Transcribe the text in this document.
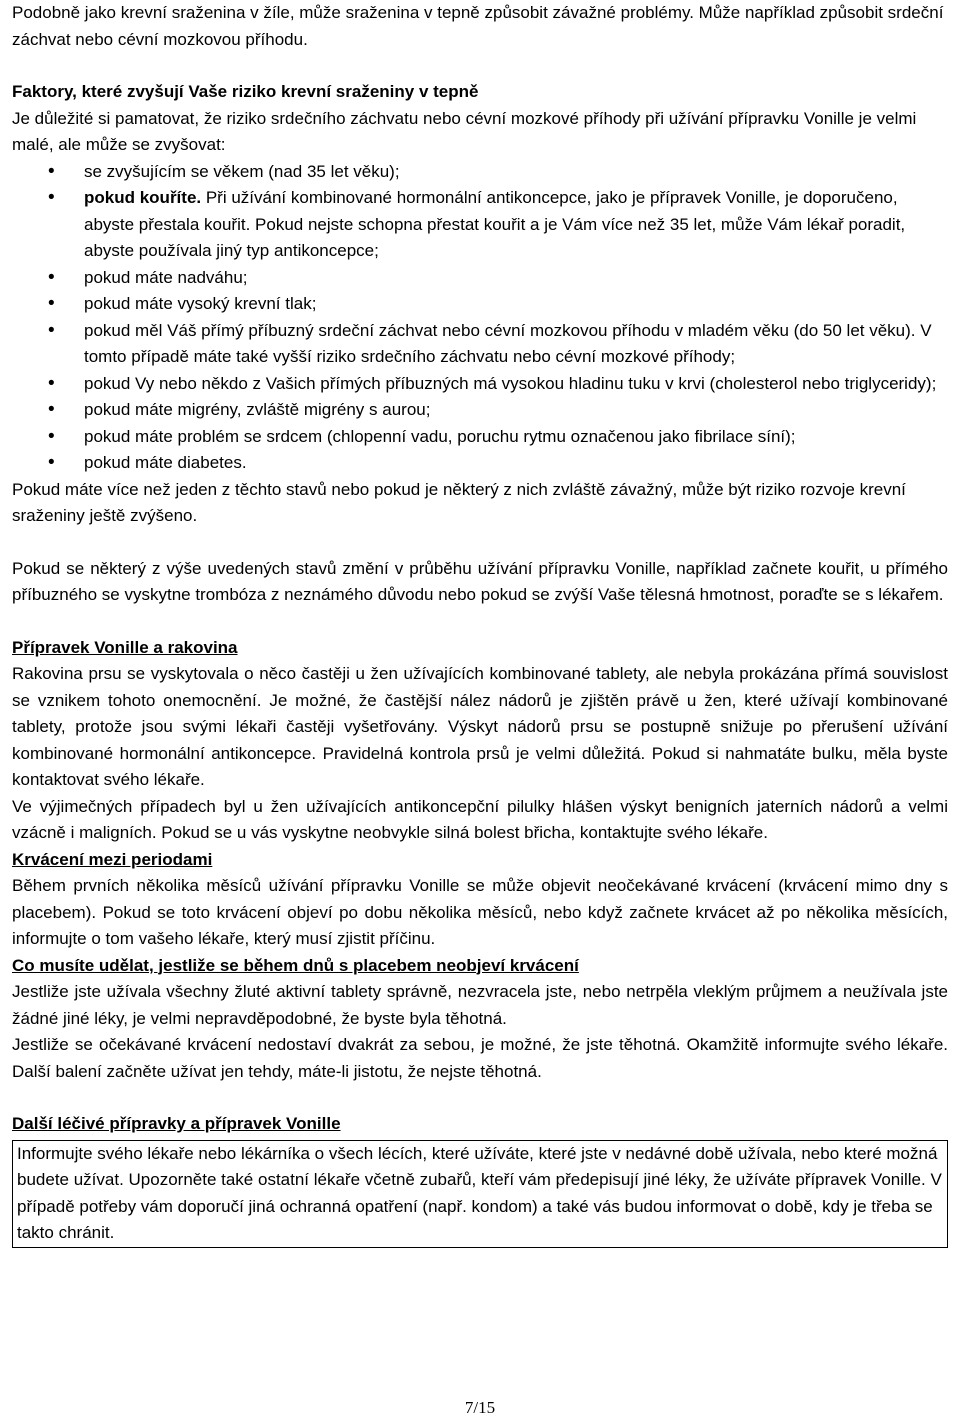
Podobně jako krevní sraženina v žíle, může sraženina v tepně způsobit závažné problémy. Může například způsobit srdeční záchvat nebo cévní mozkovou příhodu.

Faktory, které zvyšují Vaše riziko krevní sraženiny v tepně

Je důležité si pamatovat, že riziko srdečního záchvatu nebo cévní mozkové příhody při užívání přípravku Vonille je velmi malé, ale může se zvyšovat:

• se zvyšujícím se věkem (nad 35 let věku);
• pokud kouříte. Při užívání kombinované hormonální antikoncepce, jako je přípravek Vonille, je doporučeno, abyste přestala kouřit. Pokud nejste schopna přestat kouřit a je Vám více než 35 let, může Vám lékař poradit, abyste používala jiný typ antikoncepce;
• pokud máte nadváhu;
• pokud máte vysoký krevní tlak;
• pokud měl Váš přímý příbuzný srdeční záchvat nebo cévní mozkovou příhodu v mladém věku (do 50 let věku). V tomto případě máte také vyšší riziko srdečního záchvatu nebo cévní mozkové příhody;
• pokud Vy nebo někdo z Vašich přímých příbuzných má vysokou hladinu tuku v krvi (cholesterol nebo triglyceridy);
• pokud máte migrény, zvláště migrény s aurou;
• pokud máte problém se srdcem (chlopenní vadu, poruchu rytmu označenou jako fibrilace síní);
• pokud máte diabetes.

Pokud máte více než jeden z těchto stavů nebo pokud je některý z nich zvláště závažný, může být riziko rozvoje krevní sraženiny ještě zvýšeno.

Pokud se některý z výše uvedených stavů změní v průběhu užívání přípravku Vonille, například začnete kouřit, u přímého příbuzného se vyskytne trombóza z neznámého důvodu nebo pokud se zvýší Vaše tělesná hmotnost, poraďte se s lékařem.

Přípravek Vonille a rakovina

Rakovina prsu se vyskytovala o něco častěji u žen užívajících kombinované tablety, ale nebyla prokázána přímá souvislost se vznikem tohoto onemocnění. Je možné, že častější nález nádorů je zjištěn právě u žen, které užívají kombinované tablety, protože jsou svými lékaři častěji vyšetřovány. Výskyt nádorů prsu se postupně snižuje po přerušení užívání kombinované hormonální antikoncepce. Pravidelná kontrola prsů je velmi důležitá. Pokud si nahmatáte bulku, měla byste kontaktovat svého lékaře.

Ve výjimečných případech byl u žen užívajících antikoncepční pilulky hlášen výskyt benigních jaterních nádorů a velmi vzácně i maligních. Pokud se u vás vyskytne neobvykle silná bolest břicha, kontaktujte svého lékaře.

Krvácení mezi periodami

Během prvních několika měsíců užívání přípravku Vonille se může objevit neočekávané krvácení (krvácení mimo dny s placebem). Pokud se toto krvácení objeví po dobu několika měsíců, nebo když začnete krvácet až po několika měsících, informujte o tom vašeho lékaře, který musí zjistit příčinu.

Co musíte udělat, jestliže se během dnů s placebem neobjeví krvácení

Jestliže jste užívala všechny žluté aktivní tablety správně, nezvracela jste, nebo netrpěla vleklým průjmem a neužívala jste žádné jiné léky, je velmi nepravděpodobné, že byste byla těhotná.

Jestliže se očekávané krvácení nedostaví dvakrát za sebou, je možné, že jste těhotná. Okamžitě informujte svého lékaře. Další balení začněte užívat jen tehdy, máte-li jistotu, že nejste těhotná.

Další léčivé přípravky a přípravek Vonille

Informujte svého lékaře nebo lékárníka o všech lécích, které užíváte, které jste v nedávné době užívala, nebo které možná budete užívat. Upozorněte také ostatní lékaře včetně zubařů, kteří vám předepisují jiné léky, že užíváte přípravek Vonille. V případě potřeby vám doporučí jiná ochranná opatření (např. kondom) a také vás budou informovat o době, kdy je třeba se takto chránit.

7/15
